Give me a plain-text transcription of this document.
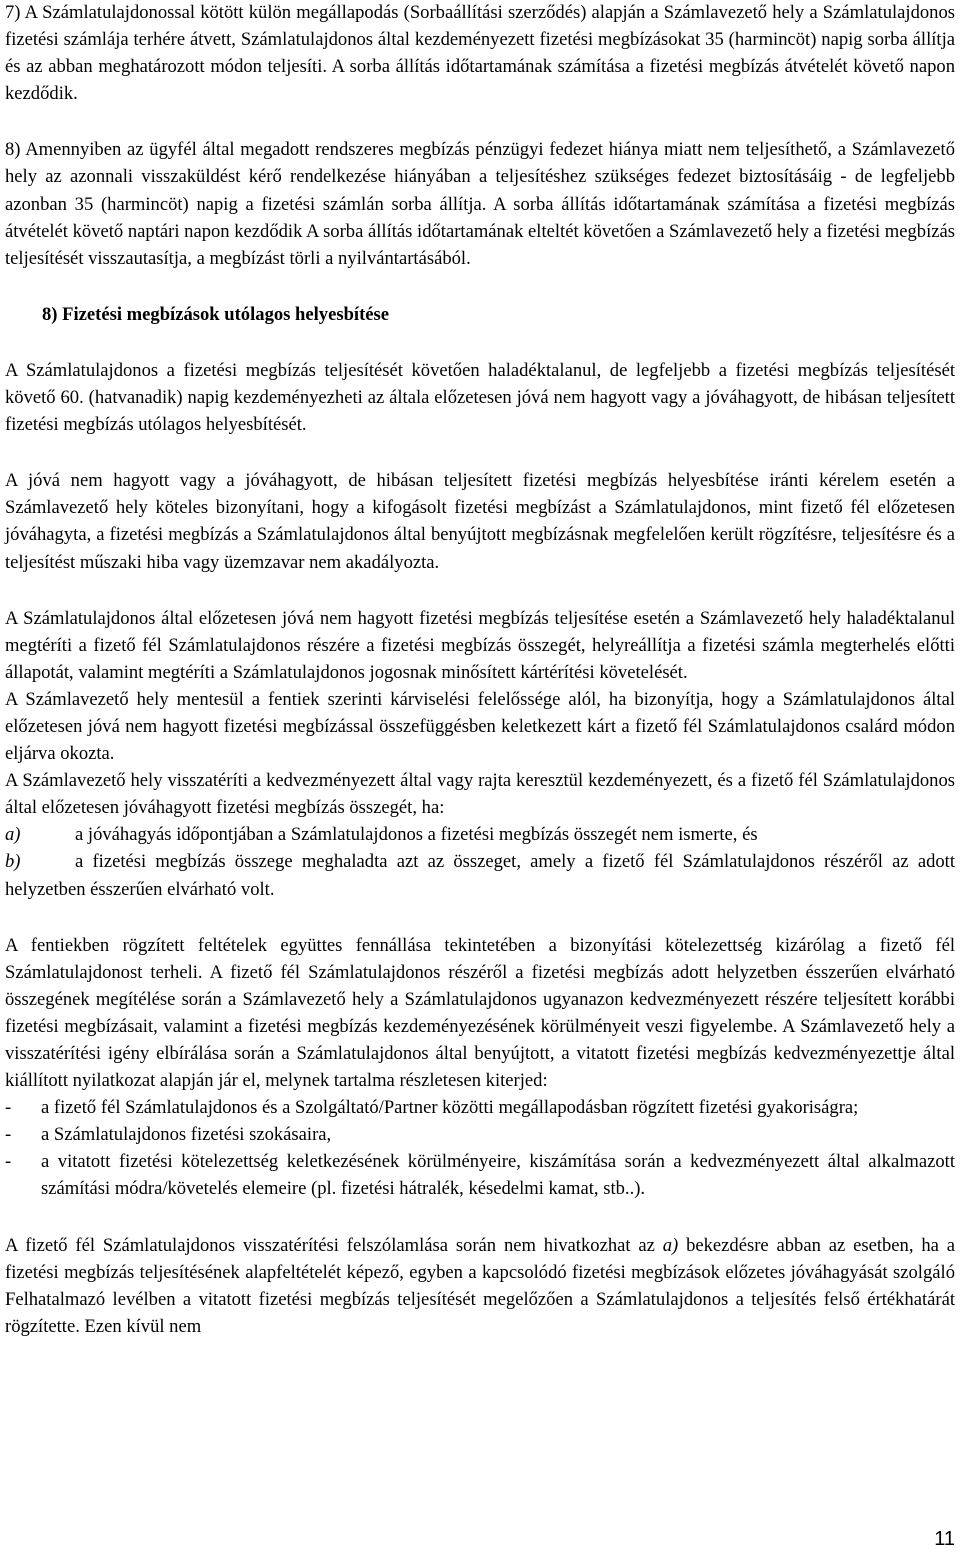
7) A Számlatulajdonossal kötött külön megállapodás (Sorbaállítási szerződés) alapján a Számlavezető hely a Számlatulajdonos fizetési számlája terhére átvett, Számlatulajdonos által kezdeményezett fizetési megbízásokat 35 (harmincöt) napig sorba állítja és az abban meghatározott módon teljesíti. A sorba állítás időtartamának számítása a fizetési megbízás átvételét követő napon kezdődik.

8) Amennyiben az ügyfél által megadott rendszeres megbízás pénzügyi fedezet hiánya miatt nem teljesíthető, a Számlavezető hely az azonnali visszaküldést kérő rendelkezése hiányában a teljesítéshez szükséges fedezet biztosításáig - de legfeljebb azonban 35 (harmincöt) napig a fizetési számlán sorba állítja. A sorba állítás időtartamának számítása a fizetési megbízás átvételét követő naptári napon kezdődik A sorba állítás időtartamának elteltét követően a Számlavezető hely a fizetési megbízás teljesítését visszautasítja, a megbízást törli a nyilvántartásából.

8) Fizetési megbízások utólagos helyesbítése

A Számlatulajdonos a fizetési megbízás teljesítését követően haladéktalanul, de legfeljebb a fizetési megbízás teljesítését követő 60. (hatvanadik) napig kezdeményezheti az általa előzetesen jóvá nem hagyott vagy a jóváhagyott, de hibásan teljesített fizetési megbízás utólagos helyesbítését.

A jóvá nem hagyott vagy a jóváhagyott, de hibásan teljesített fizetési megbízás helyesbítése iránti kérelem esetén a Számlavezető hely köteles bizonyítani, hogy a kifogásolt fizetési megbízást a Számlatulajdonos, mint fizető fél előzetesen jóváhagyta, a fizetési megbízás a Számlatulajdonos által benyújtott megbízásnak megfelelően került rögzítésre, teljesítésre és a teljesítést műszaki hiba vagy üzemzavar nem akadályozta.

A Számlatulajdonos által előzetesen jóvá nem hagyott fizetési megbízás teljesítése esetén a Számlavezető hely haladéktalanul megtéríti a fizető fél Számlatulajdonos részére a fizetési megbízás összegét, helyreállítja a fizetési számla megterhelés előtti állapotát, valamint megtéríti a Számlatulajdonos jogosnak minősített kártérítési követelését.

A Számlavezető hely mentesül a fentiek szerinti kárviselési felelőssége alól, ha bizonyítja, hogy a Számlatulajdonos által előzetesen jóvá nem hagyott fizetési megbízással összefüggésben keletkezett kárt a fizető fél Számlatulajdonos csalárd módon eljárva okozta.

A Számlavezető hely visszatéríti a kedvezményezett által vagy rajta keresztül kezdeményezett, és a fizető fél Számlatulajdonos által előzetesen jóváhagyott fizetési megbízás összegét, ha:

a)	a jóváhagyás időpontjában a Számlatulajdonos a fizetési megbízás összegét nem ismerte, és
b)	a fizetési megbízás összege meghaladta azt az összeget, amely a fizető fél Számlatulajdonos részéről az adott helyzetben ésszerűen elvárható volt.

A fentiekben rögzített feltételek együttes fennállása tekintetében a bizonyítási kötelezettség kizárólag a fizető fél Számlatulajdonost terheli. A fizető fél Számlatulajdonos részéről a fizetési megbízás adott helyzetben ésszerűen elvárható összegének megítélése során a Számlavezető hely a Számlatulajdonos ugyanazon kedvezményezett részére teljesített korábbi fizetési megbízásait, valamint a fizetési megbízás kezdeményezésének körülményeit veszi figyelembe. A Számlavezető hely a visszatérítési igény elbírálása során a Számlatulajdonos által benyújtott, a vitatott fizetési megbízás kedvezményezettje által kiállított nyilatkozat alapján jár el, melynek tartalma részletesen kiterjed:

-	a fizető fél Számlatulajdonos és a Szolgáltató/Partner közötti megállapodásban rögzített fizetési gyakoriságra;
-	a Számlatulajdonos fizetési szokásaira,
-	a vitatott fizetési kötelezettség keletkezésének körülményeire, kiszámítása során a kedvezményezett által alkalmazott számítási módra/követelés elemeire (pl. fizetési hátralék, késedelmi kamat, stb..).

A fizető fél Számlatulajdonos visszatérítési felszólamlása során nem hivatkozhat az a) bekezdésre abban az esetben, ha a fizetési megbízás teljesítésének alapfeltételét képező, egyben a kapcsolódó fizetési megbízások előzetes jóváhagyását szolgáló Felhatalmazó levélben a vitatott fizetési megbízás teljesítését megelőzően a Számlatulajdonos a teljesítés felső értékhatárát rögzítette. Ezen kívül nem

11
